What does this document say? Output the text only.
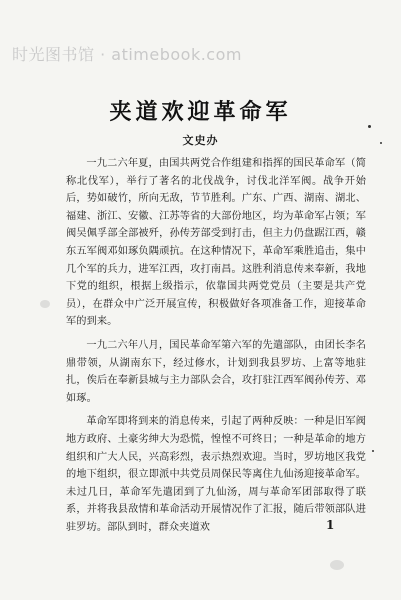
时光图书馆 · atimebook.com
夹道欢迎革命军
文史办

一九二六年夏，由国共两党合作组建和指挥的国民革命军（简称北伐军），举行了著名的北伐战争，讨伐北洋军阀。战争开始后，势如破竹，所向无敌，节节胜利。广东、广西、湖南、湖北、福建、浙江、安徽、江苏等省的大部份地区，均为革命军占领；军阀吴佩孚部全部被歼，孙传芳部受到打击，但主力仍盘踞江西，赣东五军阀邓如琢负隅顽抗。在这种情况下，革命军乘胜追击，集中几个军的兵力，进军江西，攻打南昌。这胜利消息传来奉新，我地下党的组织，根据上级指示，依靠国共两党党员（主要是共产党员），在群众中广泛开展宣传，积极做好各项准备工作，迎接革命军的到来。

一九二六年八月，国民革命军第六军的先遣部队，由团长李名鼎带领，从湖南东下，经过修水，计划到我县罗坊、上富等地驻扎，俟后在奉新县城与主力部队会合，攻打驻江西军阀孙传芳、邓如琢。

革命军即将到来的消息传来，引起了两种反映：一种是旧军阀地方政府、土豪劣绅大为恐慌，惶惶不可终日；一种是革命的地方组织和广大人民，兴高彩烈，表示热烈欢迎。当时，罗坊地区我党的地下组织，很立即派中共党员周保民等离住九仙汤迎接革命军。未过几日，革命军先遣团到了九仙汤，周与革命军团部取得了联系，并将我县敌情和革命活动开展情况作了汇报，随后带领部队进驻罗坊。部队到时，群众夹道欢	1
